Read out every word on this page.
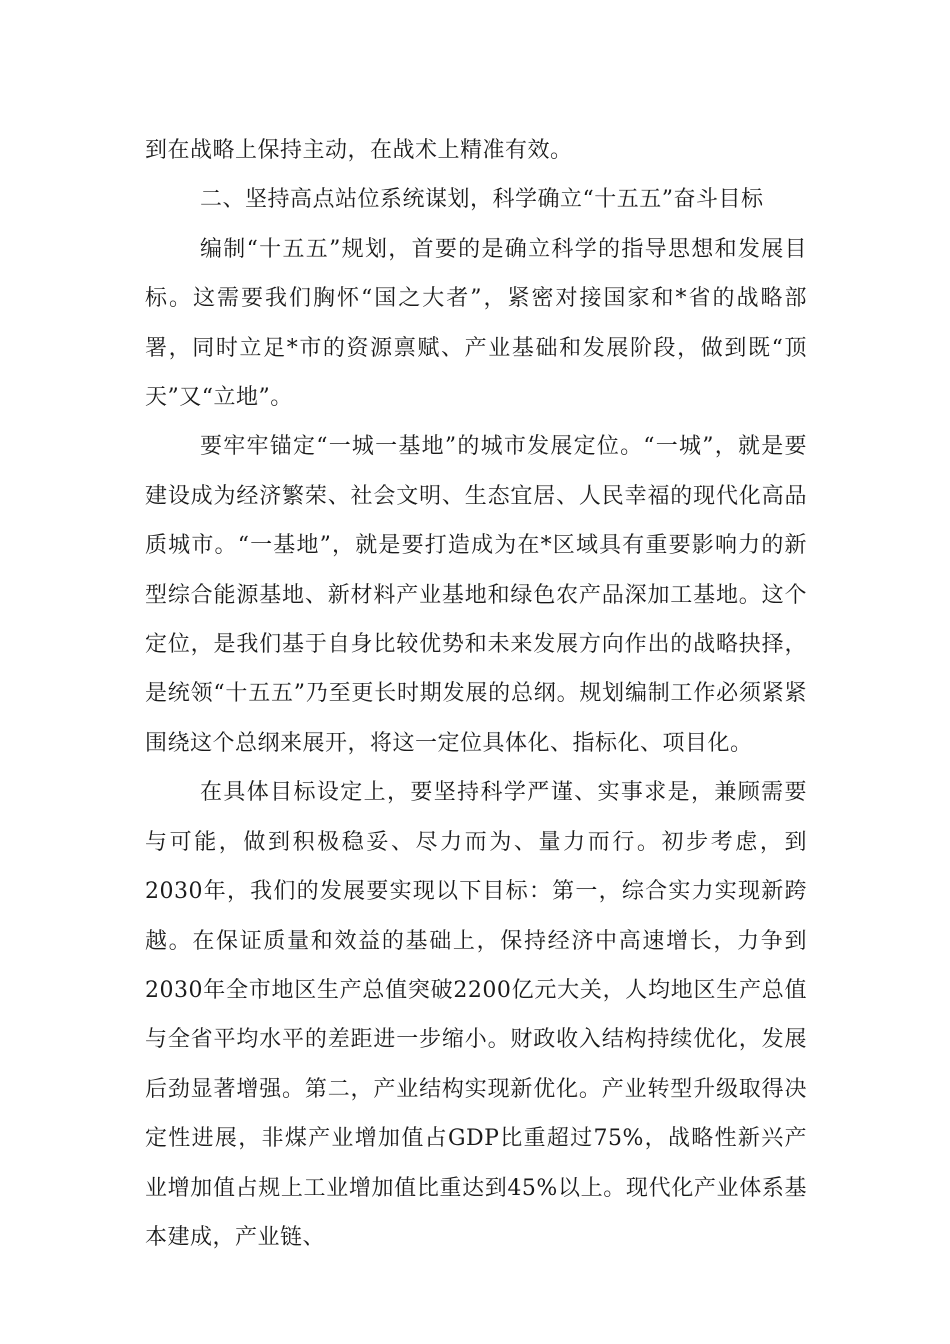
到在战略上保持主动，在战术上精准有效。

二、坚持高点站位系统谋划，科学确立“十五五”奋斗目标

编制“十五五”规划，首要的是确立科学的指导思想和发展目标。这需要我们胸怀“国之大者”，紧密对接国家和*省的战略部署，同时立足*市的资源禀赋、产业基础和发展阶段，做到既“顶天”又“立地”。

要牢牢锚定“一城一基地”的城市发展定位。“一城”，就是要建设成为经济繁荣、社会文明、生态宜居、人民幸福的现代化高品质城市。“一基地”，就是要打造成为在*区域具有重要影响力的新型综合能源基地、新材料产业基地和绿色农产品深加工基地。这个定位，是我们基于自身比较优势和未来发展方向作出的战略抉择，是统领“十五五”乃至更长时期发展的总纲。规划编制工作必须紧紧围绕这个总纲来展开，将这一定位具体化、指标化、项目化。

在具体目标设定上，要坚持科学严谨、实事求是，兼顾需要与可能，做到积极稳妥、尽力而为、量力而行。初步考虑，到2030年，我们的发展要实现以下目标：第一，综合实力实现新跨越。在保证质量和效益的基础上，保持经济中高速增长，力争到2030年全市地区生产总值突破2200亿元大关，人均地区生产总值与全省平均水平的差距进一步缩小。财政收入结构持续优化，发展后劲显著增强。第二，产业结构实现新优化。产业转型升级取得决定性进展，非煤产业增加值占GDP比重超过75%，战略性新兴产业增加值占规上工业增加值比重达到45%以上。现代化产业体系基本建成，产业链、
